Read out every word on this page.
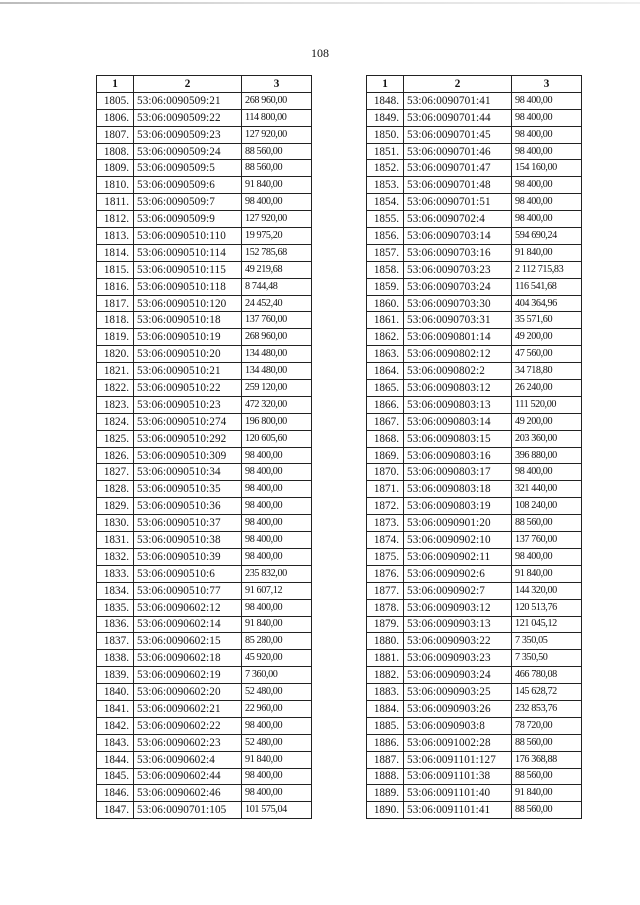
108
1	2	3
1805.	53:06:0090509:21	268 960,00
1806.	53:06:0090509:22	114 800,00
1807.	53:06:0090509:23	127 920,00
1808.	53:06:0090509:24	88 560,00
1809.	53:06:0090509:5	88 560,00
1810.	53:06:0090509:6	91 840,00
1811.	53:06:0090509:7	98 400,00
1812.	53:06:0090509:9	127 920,00
1813.	53:06:0090510:110	19 975,20
1814.	53:06:0090510:114	152 785,68
1815.	53:06:0090510:115	49 219,68
1816.	53:06:0090510:118	8 744,48
1817.	53:06:0090510:120	24 452,40
1818.	53:06:0090510:18	137 760,00
1819.	53:06:0090510:19	268 960,00
1820.	53:06:0090510:20	134 480,00
1821.	53:06:0090510:21	134 480,00
1822.	53:06:0090510:22	259 120,00
1823.	53:06:0090510:23	472 320,00
1824.	53:06:0090510:274	196 800,00
1825.	53:06:0090510:292	120 605,60
1826.	53:06:0090510:309	98 400,00
1827.	53:06:0090510:34	98 400,00
1828.	53:06:0090510:35	98 400,00
1829.	53:06:0090510:36	98 400,00
1830.	53:06:0090510:37	98 400,00
1831.	53:06:0090510:38	98 400,00
1832.	53:06:0090510:39	98 400,00
1833.	53:06:0090510:6	235 832,00
1834.	53:06:0090510:77	91 607,12
1835.	53:06:0090602:12	98 400,00
1836.	53:06:0090602:14	91 840,00
1837.	53:06:0090602:15	85 280,00
1838.	53:06:0090602:18	45 920,00
1839.	53:06:0090602:19	7 360,00
1840.	53:06:0090602:20	52 480,00
1841.	53:06:0090602:21	22 960,00
1842.	53:06:0090602:22	98 400,00
1843.	53:06:0090602:23	52 480,00
1844.	53:06:0090602:4	91 840,00
1845.	53:06:0090602:44	98 400,00
1846.	53:06:0090602:46	98 400,00
1847.	53:06:0090701:105	101 575,04
1	2	3
1848.	53:06:0090701:41	98 400,00
1849.	53:06:0090701:44	98 400,00
1850.	53:06:0090701:45	98 400,00
1851.	53:06:0090701:46	98 400,00
1852.	53:06:0090701:47	154 160,00
1853.	53:06:0090701:48	98 400,00
1854.	53:06:0090701:51	98 400,00
1855.	53:06:0090702:4	98 400,00
1856.	53:06:0090703:14	594 690,24
1857.	53:06:0090703:16	91 840,00
1858.	53:06:0090703:23	2 112 715,83
1859.	53:06:0090703:24	116 541,68
1860.	53:06:0090703:30	404 364,96
1861.	53:06:0090703:31	35 571,60
1862.	53:06:0090801:14	49 200,00
1863.	53:06:0090802:12	47 560,00
1864.	53:06:0090802:2	34 718,80
1865.	53:06:0090803:12	26 240,00
1866.	53:06:0090803:13	111 520,00
1867.	53:06:0090803:14	49 200,00
1868.	53:06:0090803:15	203 360,00
1869.	53:06:0090803:16	396 880,00
1870.	53:06:0090803:17	98 400,00
1871.	53:06:0090803:18	321 440,00
1872.	53:06:0090803:19	108 240,00
1873.	53:06:0090901:20	88 560,00
1874.	53:06:0090902:10	137 760,00
1875.	53:06:0090902:11	98 400,00
1876.	53:06:0090902:6	91 840,00
1877.	53:06:0090902:7	144 320,00
1878.	53:06:0090903:12	120 513,76
1879.	53:06:0090903:13	121 045,12
1880.	53:06:0090903:22	7 350,05
1881.	53:06:0090903:23	7 350,50
1882.	53:06:0090903:24	466 780,08
1883.	53:06:0090903:25	145 628,72
1884.	53:06:0090903:26	232 853,76
1885.	53:06:0090903:8	78 720,00
1886.	53:06:0091002:28	88 560,00
1887.	53:06:0091101:127	176 368,88
1888.	53:06:0091101:38	88 560,00
1889.	53:06:0091101:40	91 840,00
1890.	53:06:0091101:41	88 560,00
